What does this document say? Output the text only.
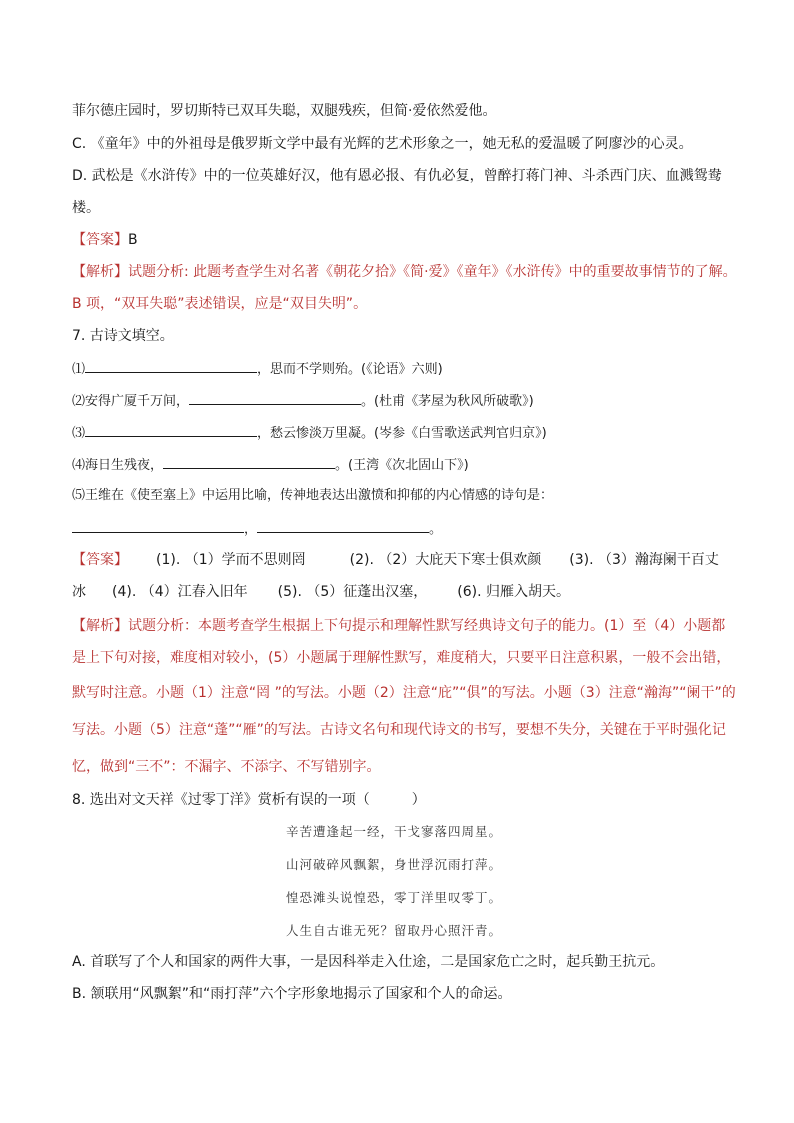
菲尔德庄园时，罗切斯特已双耳失聪，双腿残疾，但简·爱依然爱他。
C. 《童年》中的外祖母是俄罗斯文学中最有光辉的艺术形象之一，她无私的爱温暖了阿廖沙的心灵。
D. 武松是《水浒传》中的一位英雄好汉，他有恩必报、有仇必复，曾醉打蒋门神、斗杀西门庆、血溅鸳鸯
楼。
【答案】B
【解析】试题分析: 此题考查学生对名著《朝花夕拾》《简·爱》《童年》《水浒传》中的重要故事情节的了解。
B 项，“双耳失聪”表述错误，应是“双目失明”。
7. 古诗文填空。
⑴	，思而不学则殆。(《论语》六则)
⑵安得广厦千万间，	。(杜甫《茅屋为秋风所破歌》)
⑶	，愁云惨淡万里凝。(岑参《白雪歌送武判官归京》)
⑷海日生残夜，	。(王湾《次北固山下》)
⑸王维在《使至塞上》中运用比喻，传神地表达出激愤和抑郁的内心情感的诗句是：
，	。
【答案】 (1). （1）学而不思则罔	(2). （2）大庇天下寒士俱欢颜 (3). （3）瀚海阑干百丈
冰 (4). （4）江春入旧年 (5). （5）征蓬出汉塞， (6). 归雁入胡天。
【解析】试题分析：本题考查学生根据上下句提示和理解性默写经典诗文句子的能力。(1）至（4）小题都
是上下句对接，难度相对较小，(5）小题属于理解性默写，难度稍大，只要平日注意积累，一般不会出错，
默写时注意。小题（1）注意“罔 ”的写法。小题（2）注意“庇”“俱”的写法。小题（3）注意“瀚海”“阑干”的
写法。小题（5）注意“蓬”“雁”的写法。古诗文名句和现代诗文的书写，要想不失分，关键在于平时强化记
忆，做到“三不”：不漏字、不添字、不写错别字。
8. 选出对文天祥《过零丁洋》赏析有误的一项（　　　）
辛苦遭逢起一经，干戈寥落四周星。
山河破碎风飘絮，身世浮沉雨打萍。
惶恐滩头说惶恐，零丁洋里叹零丁。
人生自古谁无死？留取丹心照汗青。
A. 首联写了个人和国家的两件大事，一是因科举走入仕途，二是国家危亡之时，起兵勤王抗元。
B. 颔联用“风飘絮”和“雨打萍”六个字形象地揭示了国家和个人的命运。
